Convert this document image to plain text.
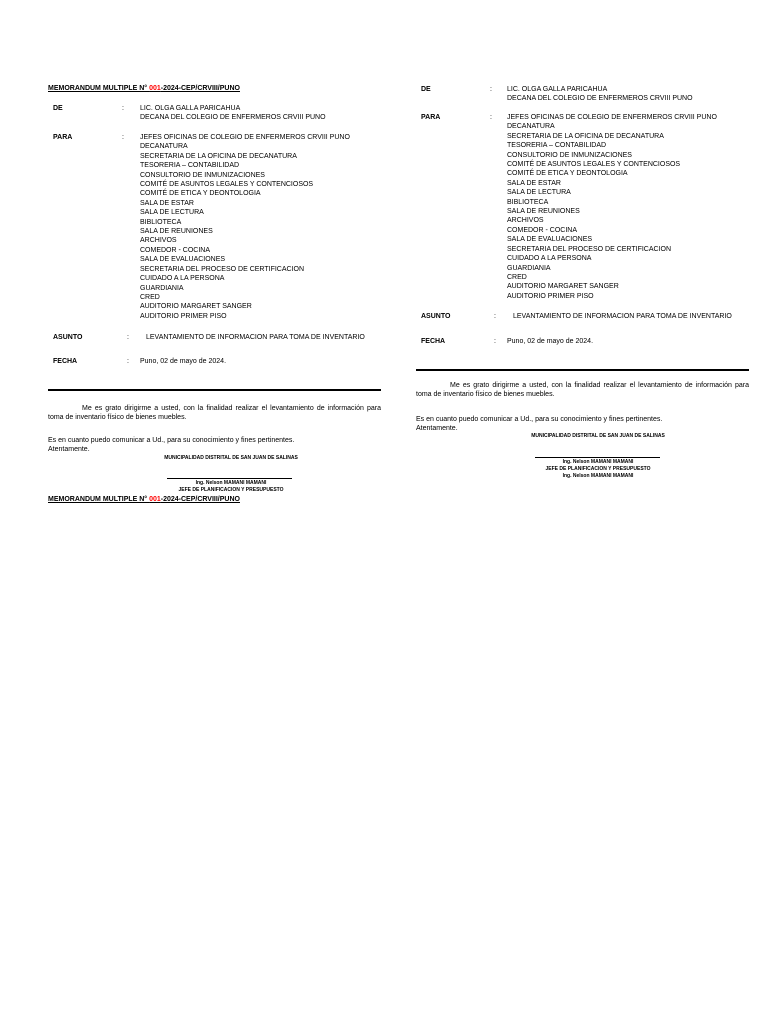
MEMORANDUM MULTIPLE N° 001-2024-CEP/CRVIII/PUNO
DE	: LIC. OLGA GALLA PARICAHUA
DECANA DEL COLEGIO DE ENFERMEROS CRVIII PUNO
PARA	: JEFES OFICINAS DE COLEGIO DE ENFERMEROS CRVIII PUNO
DECANATURA
SECRETARIA DE LA OFICINA DE DECANATURA
TESORERIA – CONTABILIDAD
CONSULTORIO DE INMUNIZACIONES
COMITÉ DE ASUNTOS LEGALES Y CONTENCIOSOS
COMITÉ DE ETICA Y DEONTOLOGIA
SALA DE ESTAR
SALA DE LECTURA
BIBLIOTECA
SALA DE REUNIONES
ARCHIVOS
COMEDOR - COCINA
SALA DE EVALUACIONES
SECRETARIA DEL PROCESO DE CERTIFICACION
CUIDADO A LA PERSONA
GUARDIANIA
CRED
AUDITORIO MARGARET SANGER
AUDITORIO PRIMER PISO
ASUNTO	: LEVANTAMIENTO DE INFORMACION PARA TOMA DE INVENTARIO
FECHA	: Puno, 02 de mayo de 2024.
Me es grato dirigirme a usted, con la finalidad realizar el levantamiento de información para toma de inventario físico de bienes muebles.
Es en cuanto puedo comunicar a Ud., para su conocimiento y fines pertinentes.
Atentamente.
MUNICIPALIDAD DISTRITAL DE SAN JUAN DE SALINAS
Ing. Nelson MAMANI MAMANI
JEFE DE PLANIFICACION Y PRESUPUESTO
MEMORANDUM MULTIPLE N° 001-2024-CEP/CRVIII/PUNO
DE	: LIC. OLGA GALLA PARICAHUA
DECANA DEL COLEGIO DE ENFERMEROS CRVIII PUNO
PARA	: JEFES OFICINAS DE COLEGIO DE ENFERMEROS CRVIII PUNO
DECANATURA
SECRETARIA DE LA OFICINA DE DECANATURA
TESORERIA – CONTABILIDAD
CONSULTORIO DE INMUNIZACIONES
COMITÉ DE ASUNTOS LEGALES Y CONTENCIOSOS
COMITÉ DE ETICA Y DEONTOLOGIA
SALA DE ESTAR
SALA DE LECTURA
BIBLIOTECA
SALA DE REUNIONES
ARCHIVOS
COMEDOR - COCINA
SALA DE EVALUACIONES
SECRETARIA DEL PROCESO DE CERTIFICACION
CUIDADO A LA PERSONA
GUARDIANIA
CRED
AUDITORIO MARGARET SANGER
AUDITORIO PRIMER PISO
ASUNTO	: LEVANTAMIENTO DE INFORMACION PARA TOMA DE INVENTARIO
FECHA	: Puno, 02 de mayo de 2024.
Me es grato dirigirme a usted, con la finalidad realizar el levantamiento de información para toma de inventario físico de bienes muebles.
Es en cuanto puedo comunicar a Ud., para su conocimiento y fines pertinentes.
Atentamente.
MUNICIPALIDAD DISTRITAL DE SAN JUAN DE SALINAS
Ing. Nelson MAMANI MAMANI
JEFE DE PLANIFICACION Y PRESUPUESTO
Ing. Nelson MAMANI MAMANI
